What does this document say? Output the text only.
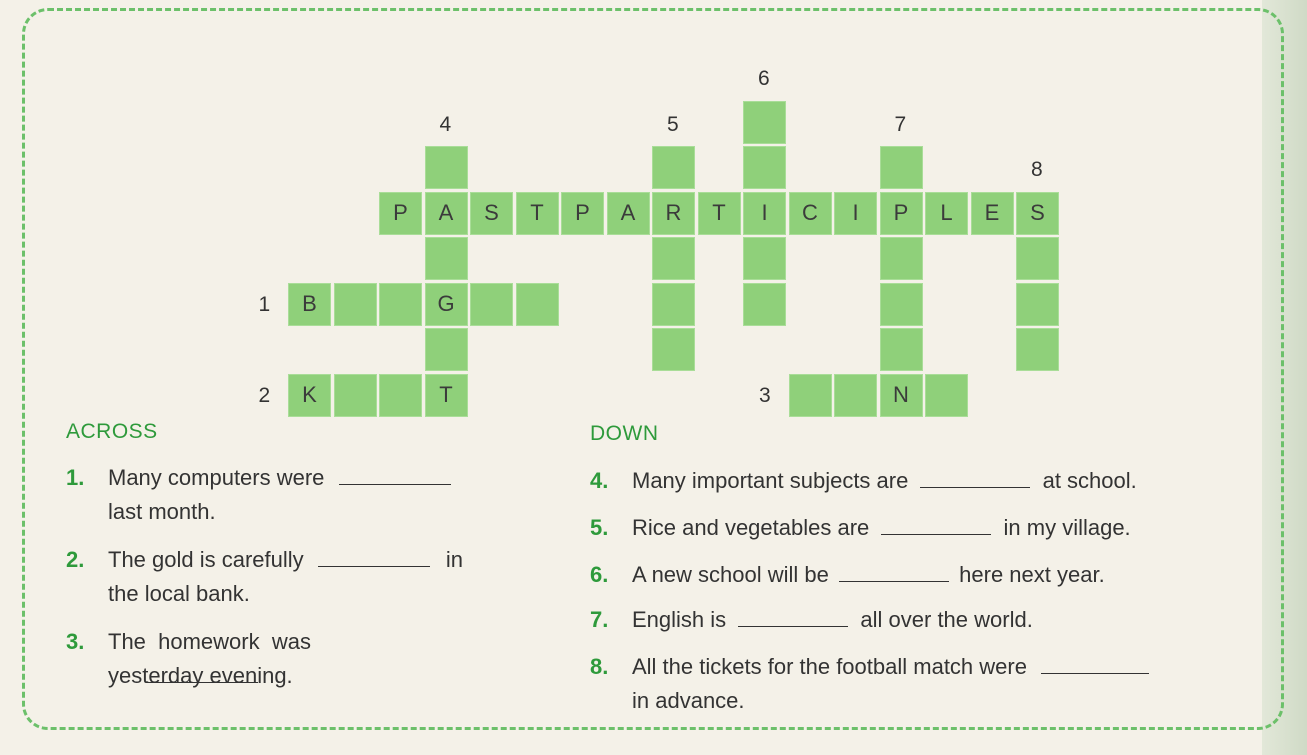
P	A	S	T	P	A	R	T	I	C	I	P	L	E	S
G
T	N
B
K
1
2	3
4	5
6
7
8
ACROSS	DOWN
1. Many computers were
last month.
2. The gold is carefully	in
the local bank.
3. The  homework  was

yesterday evening.
4. Many important subjects are	at school.
5. Rice and vegetables are	in my village.
6. A new school will be	here next year.
7. English is	all over the world.
8. All the tickets for the football match were
in advance.
